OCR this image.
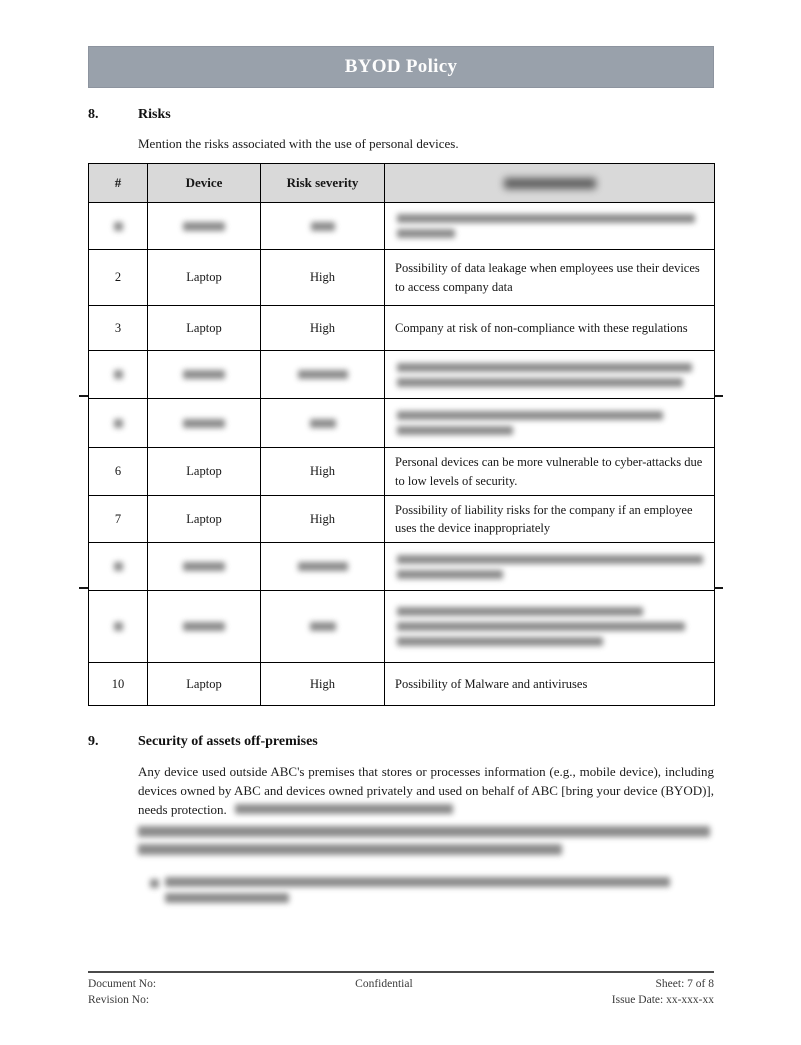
BYOD Policy
8.	Risks

Mention the risks associated with the use of personal devices.

#	Device	Risk severity	

2	Laptop	High	Possibility of data leakage when employees use their devices to access company data
3	Laptop	High	Company at risk of non-compliance with these regulations

6	Laptop	High	Personal devices can be more vulnerable to cyber-attacks due to low levels of security.
7	Laptop	High	Possibility of liability risks for the company if an employee uses the device inappropriately

10	Laptop	High	Possibility of Malware and antiviruses
9.	Security of assets off-premises

Any device used outside ABC's premises that stores or processes information (e.g., mobile device), including devices owned by ABC and devices owned privately and used on behalf of ABC [bring your device (BYOD)], needs protection.

Document No:
Revision No:
Confidential	Sheet: 7 of 8
Issue Date: xx-xxx-xx
